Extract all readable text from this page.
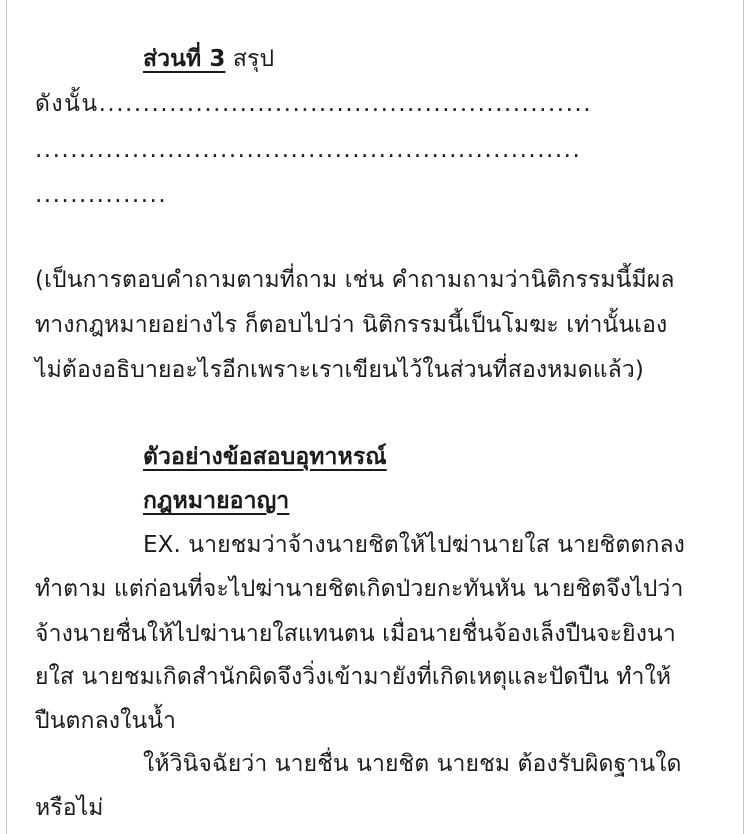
ส่วนที่ 3 สรุป
ดังนั้น........................................................
..............................................................
...............
(เป็นการตอบคำถามตามที่ถาม เช่น คำถามถามว่านิติกรรมนี้มีผล
ทางกฎหมายอย่างไร ก็ตอบไปว่า นิติกรรมนี้เป็นโมฆะ เท่านั้นเอง
ไม่ต้องอธิบายอะไรอีกเพราะเราเขียนไว้ในส่วนที่สองหมดแล้ว)
ตัวอย่างข้อสอบอุทาหรณ์
กฎหมายอาญา
EX. นายชมว่าจ้างนายชิตให้ไปฆ่านายใส นายชิตตกลง
ทำตาม แต่ก่อนที่จะไปฆ่านายชิตเกิดป่วยกะทันหัน นายชิตจึงไปว่า
จ้างนายชื่นให้ไปฆ่านายใสแทนตน เมื่อนายชื่นจ้องเล็งปืนจะยิงนา
ยใส นายชมเกิดสำนักผิดจึงวิ่งเข้ามายังที่เกิดเหตุและปัดปืน ทำให้
ปืนตกลงในน้ำ
ให้วินิจฉัยว่า นายชื่น นายชิต นายชม ต้องรับผิดฐานใด
หรือไม่
